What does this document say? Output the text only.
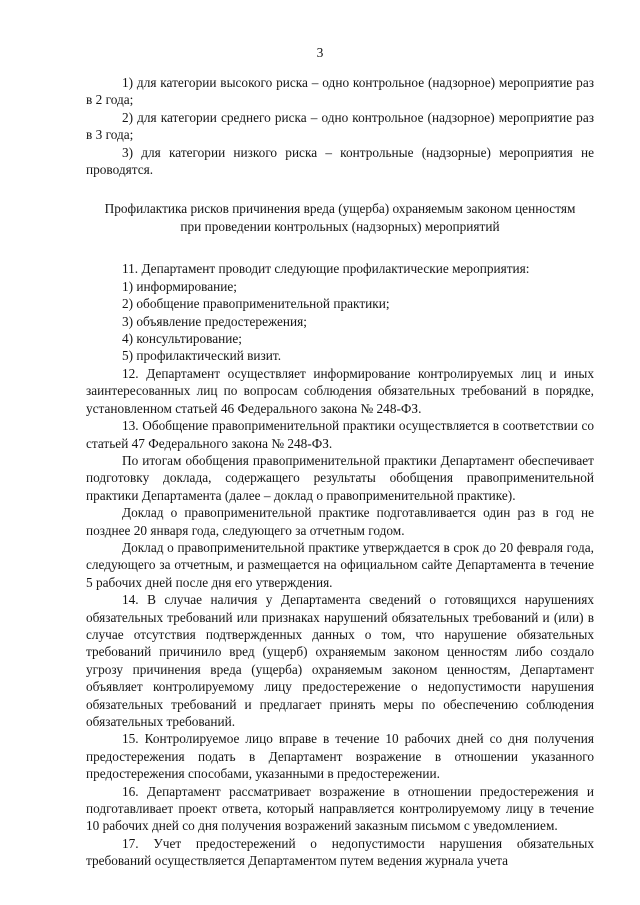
3

1) для категории высокого риска – одно контрольное (надзорное) мероприятие раз в 2 года;

2) для категории среднего риска – одно контрольное (надзорное) мероприятие раз в 3 года;

3) для категории низкого риска – контрольные (надзорные) мероприятия не проводятся.

Профилактика рисков причинения вреда (ущерба) охраняемым законом ценностям
при проведении контрольных (надзорных) мероприятий

11. Департамент проводит следующие профилактические мероприятия:

1) информирование;

2) обобщение правоприменительной практики;

3) объявление предостережения;

4) консультирование;

5) профилактический визит.

12. Департамент осуществляет информирование контролируемых лиц и иных заинтересованных лиц по вопросам соблюдения обязательных требований в порядке, установленном статьей 46 Федерального закона № 248-ФЗ.

13. Обобщение правоприменительной практики осуществляется в соответствии со статьей 47 Федерального закона № 248-ФЗ.

По итогам обобщения правоприменительной практики Департамент обеспечивает подготовку доклада, содержащего результаты обобщения правоприменительной практики Департамента (далее – доклад о правоприменительной практике).

Доклад о правоприменительной практике подготавливается один раз в год не позднее 20 января года, следующего за отчетным годом.

Доклад о правоприменительной практике утверждается в срок до 20 февраля года, следующего за отчетным, и размещается на официальном сайте Департамента в течение 5 рабочих дней после дня его утверждения.

14. В случае наличия у Департамента сведений о готовящихся нарушениях обязательных требований или признаках нарушений обязательных требований и (или) в случае отсутствия подтвержденных данных о том, что нарушение обязательных требований причинило вред (ущерб) охраняемым законом ценностям либо создало угрозу причинения вреда (ущерба) охраняемым законом ценностям, Департамент объявляет контролируемому лицу предостережение о недопустимости нарушения обязательных требований и предлагает принять меры по обеспечению соблюдения обязательных требований.

15. Контролируемое лицо вправе в течение 10 рабочих дней со дня получения предостережения подать в Департамент возражение в отношении указанного предостережения способами, указанными в предостережении.

16. Департамент рассматривает возражение в отношении предостережения и подготавливает проект ответа, который направляется контролируемому лицу в течение 10 рабочих дней со дня получения возражений заказным письмом с уведомлением.

17. Учет предостережений о недопустимости нарушения обязательных требований осуществляется Департаментом путем ведения журнала учета
